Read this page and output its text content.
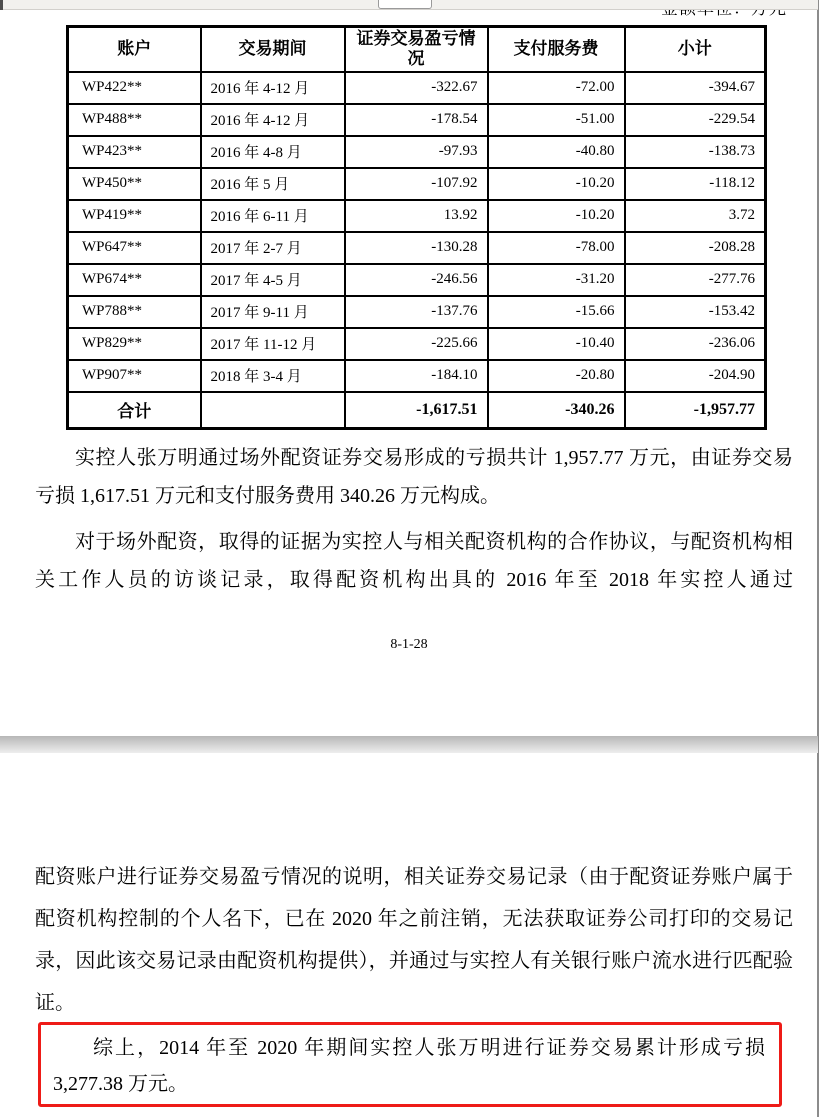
账户	交易期间	证券交易盈亏情况	支付服务费	小计
WP422**	2016 年 4-12 月	-322.67	-72.00	-394.67
WP488**	2016 年 4-12 月	-178.54	-51.00	-229.54
WP423**	2016 年 4-8 月	-97.93	-40.80	-138.73
WP450**	2016 年 5 月	-107.92	-10.20	-118.12
WP419**	2016 年 6-11 月	13.92	-10.20	3.72
WP647**	2017 年 2-7 月	-130.28	-78.00	-208.28
WP674**	2017 年 4-5 月	-246.56	-31.20	-277.76
WP788**	2017 年 9-11 月	-137.76	-15.66	-153.42
WP829**	2017 年 11-12 月	-225.66	-10.40	-236.06
WP907**	2018 年 3-4 月	-184.10	-20.80	-204.90
合计		-1,617.51	-340.26	-1,957.77
实控人张万明通过场外配资证券交易形成的亏损共计 1,957.77 万元，由证券交易亏损 1,617.51 万元和支付服务费用 340.26 万元构成。
对于场外配资，取得的证据为实控人与相关配资机构的合作协议，与配资机构相关工作人员的访谈记录，取得配资机构出具的 2016 年至 2018 年实控人通过
8-1-28
配资账户进行证券交易盈亏情况的说明，相关证券交易记录（由于配资证券账户属于配资机构控制的个人名下，已在 2020 年之前注销，无法获取证券公司打印的交易记录，因此该交易记录由配资机构提供），并通过与实控人有关银行账户流水进行匹配验证。
综上，2014 年至 2020 年期间实控人张万明进行证券交易累计形成亏损 3,277.38 万元。
